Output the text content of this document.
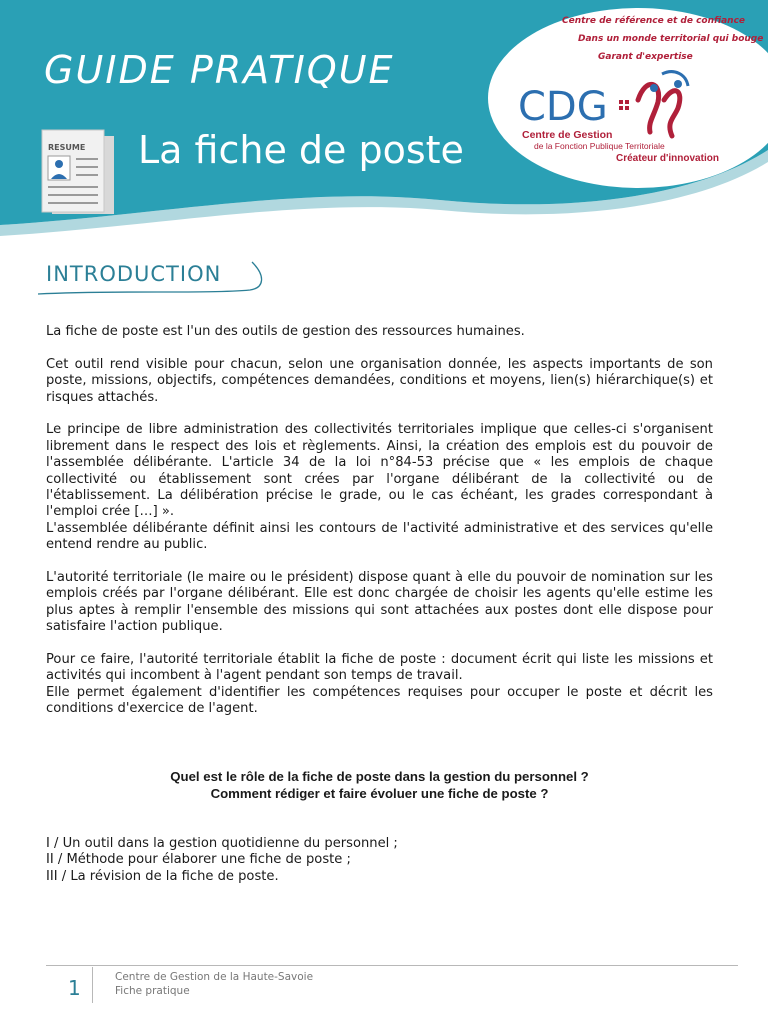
GUIDE PRATIQUE
RESUME La fiche de poste
CDG
Centre de référence et de confiance
Dans un monde territorial qui bouge
Garant d'expertise
Centre de Gestion
de la Fonction Publique Territoriale
Créateur d'innovation
INTRODUCTION

La fiche de poste est l'un des outils de gestion des ressources humaines.

Cet outil rend visible pour chacun, selon une organisation donnée, les aspects importants de son poste, missions, objectifs, compétences demandées, conditions et moyens, lien(s) hiérarchique(s) et risques attachés.

Le principe de libre administration des collectivités territoriales implique que celles-ci s'organisent librement dans le respect des lois et règlements. Ainsi, la création des emplois est du pouvoir de l'assemblée délibérante. L'article 34 de la loi n°84-53 précise que « les emplois de chaque collectivité ou établissement sont crées par l'organe délibérant de la collectivité ou de l'établissement. La délibération précise le grade, ou le cas échéant, les grades correspondant à l'emploi crée […] ».

L'assemblée délibérante définit ainsi les contours de l'activité administrative et des services qu'elle entend rendre au public.

L'autorité territoriale (le maire ou le président) dispose quant à elle du pouvoir de nomination sur les emplois créés par l'organe délibérant. Elle est donc chargée de choisir les agents qu'elle estime les plus aptes à remplir l'ensemble des missions qui sont attachées aux postes dont elle dispose pour satisfaire l'action publique.

Pour ce faire, l'autorité territoriale établit la fiche de poste : document écrit qui liste les missions et activités qui incombent à l'agent pendant son temps de travail.

Elle permet également d'identifier les compétences requises pour occuper le poste et décrit les conditions d'exercice de l'agent.

Quel est le rôle de la fiche de poste dans la gestion du personnel ?
Comment rédiger et faire évoluer une fiche de poste ?
I / Un outil dans la gestion quotidienne du personnel ;
II / Méthode pour élaborer une fiche de poste ;
III / La révision de la fiche de poste.
1	Centre de Gestion de la Haute-Savoie
Fiche pratique
